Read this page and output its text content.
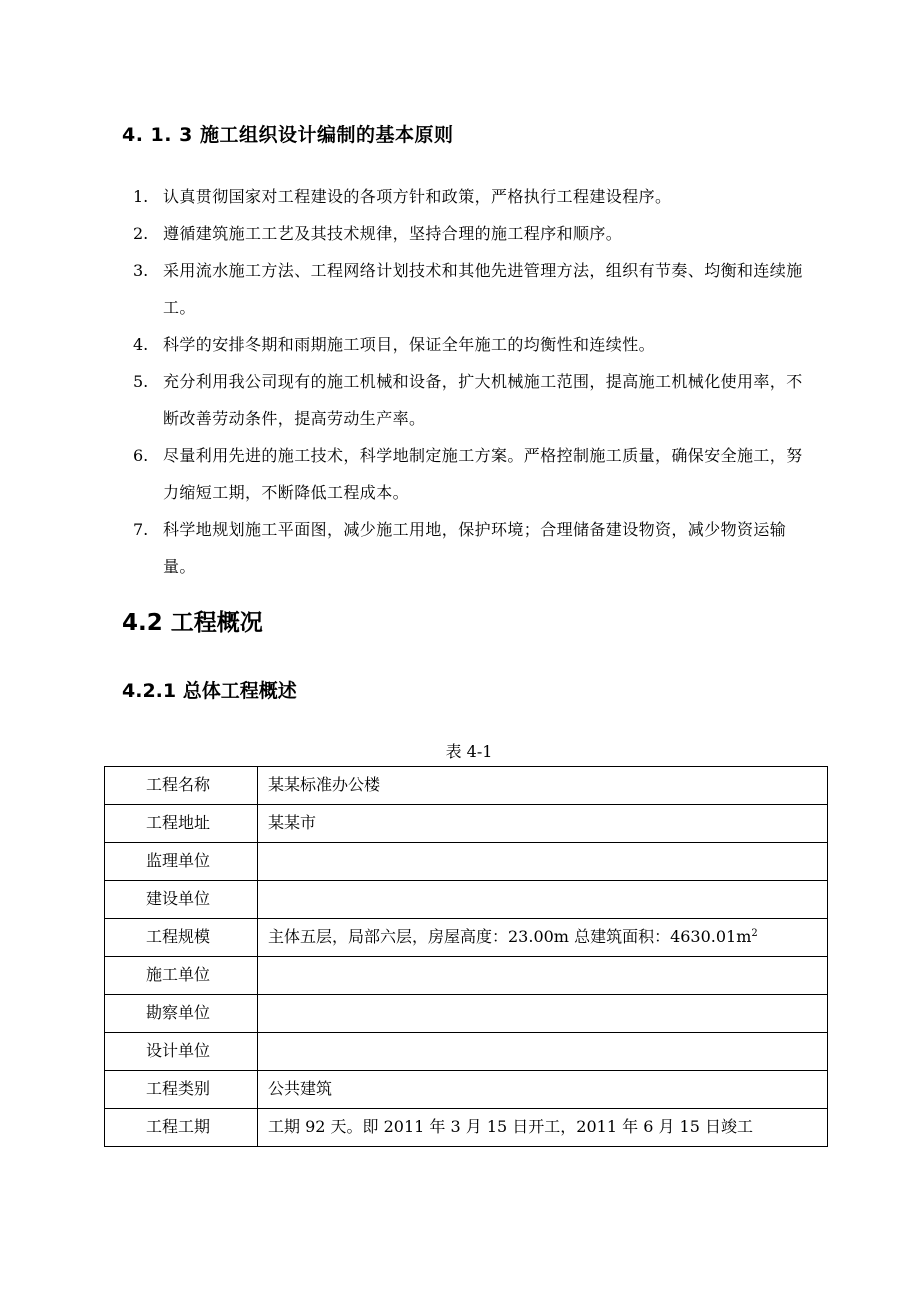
4. 1. 3 施工组织设计编制的基本原则
1. 认真贯彻国家对工程建设的各项方针和政策，严格执行工程建设程序。
2. 遵循建筑施工工艺及其技术规律，坚持合理的施工程序和顺序。
3. 采用流水施工方法、工程网络计划技术和其他先进管理方法，组织有节奏、均衡和连续施工。
4. 科学的安排冬期和雨期施工项目，保证全年施工的均衡性和连续性。
5. 充分利用我公司现有的施工机械和设备，扩大机械施工范围，提高施工机械化使用率，不断改善劳动条件，提高劳动生产率。
6. 尽量利用先进的施工技术，科学地制定施工方案。严格控制施工质量，确保安全施工，努力缩短工期，不断降低工程成本。
7. 科学地规划施工平面图，减少施工用地，保护环境；合理储备建设物资，减少物资运输量。
4.2 工程概况
4.2.1 总体工程概述
表 4-1
工程名称	某某标准办公楼
工程地址	某某市
监理单位	
建设单位	
工程规模	主体五层，局部六层，房屋高度：23.00m 总建筑面积：$4630.01m^2$
施工单位	
勘察单位	
设计单位	
工程类别	公共建筑
工程工期	工期 92 天。即 2011 年 3 月 15 日开工，2011 年 6 月 15 日竣工
